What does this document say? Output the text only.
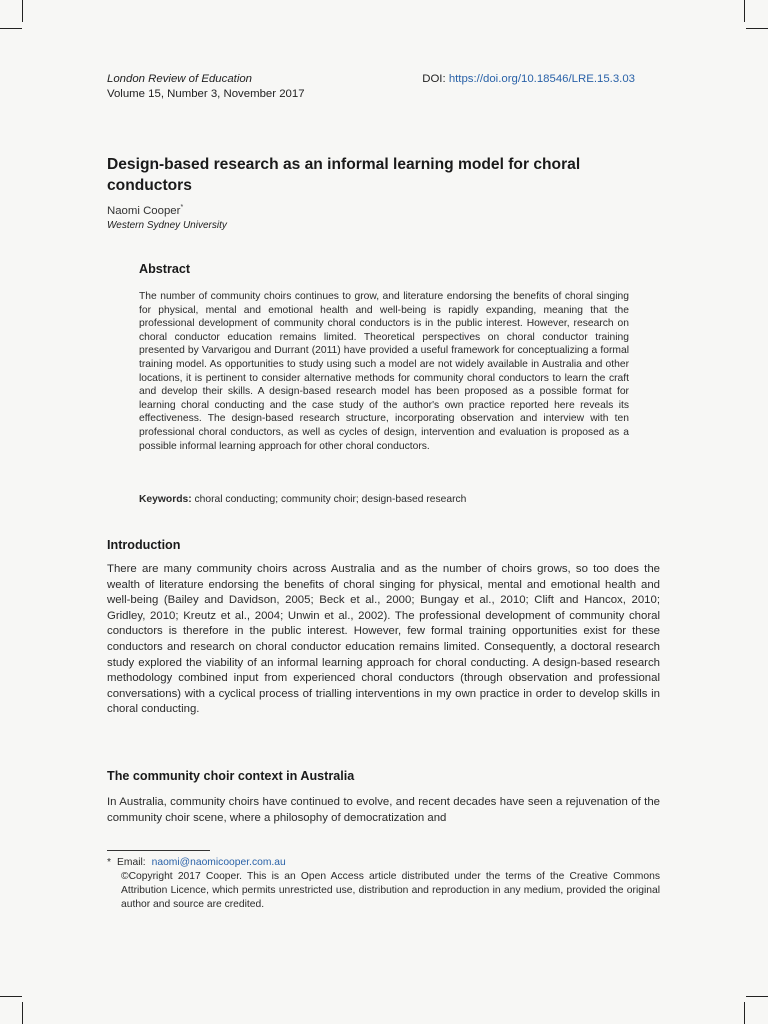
London Review of Education
Volume 15, Number 3, November 2017
DOI: https://doi.org/10.18546/LRE.15.3.03
Design-based research as an informal learning model for choral conductors
Naomi Cooper*
Western Sydney University
Abstract

The number of community choirs continues to grow, and literature endorsing the benefits of choral singing for physical, mental and emotional health and well-being is rapidly expanding, meaning that the professional development of community choral conductors is in the public interest. However, research on choral conductor education remains limited. Theoretical perspectives on choral conductor training presented by Varvarigou and Durrant (2011) have provided a useful framework for conceptualizing a formal training model. As opportunities to study using such a model are not widely available in Australia and other locations, it is pertinent to consider alternative methods for community choral conductors to learn the craft and develop their skills. A design-based research model has been proposed as a possible format for learning choral conducting and the case study of the author's own practice reported here reveals its effectiveness. The design-based research structure, incorporating observation and interview with ten professional choral conductors, as well as cycles of design, intervention and evaluation is proposed as a possible informal learning approach for other choral conductors.

Keywords: choral conducting; community choir; design-based research
Introduction

There are many community choirs across Australia and as the number of choirs grows, so too does the wealth of literature endorsing the benefits of choral singing for physical, mental and emotional health and well-being (Bailey and Davidson, 2005; Beck et al., 2000; Bungay et al., 2010; Clift and Hancox, 2010; Gridley, 2010; Kreutz et al., 2004; Unwin et al., 2002). The professional development of community choral conductors is therefore in the public interest. However, few formal training opportunities exist for these conductors and research on choral conductor education remains limited. Consequently, a doctoral research study explored the viability of an informal learning approach for choral conducting. A design-based research methodology combined input from experienced choral conductors (through observation and professional conversations) with a cyclical process of trialling interventions in my own practice in order to develop skills in choral conducting.

The community choir context in Australia

In Australia, community choirs have continued to evolve, and recent decades have seen a rejuvenation of the community choir scene, where a philosophy of democratization and

* Email: naomi@naomicooper.com.au
©Copyright 2017 Cooper. This is an Open Access article distributed under the terms of the Creative Commons Attribution Licence, which permits unrestricted use, distribution and reproduction in any medium, provided the original author and source are credited.
